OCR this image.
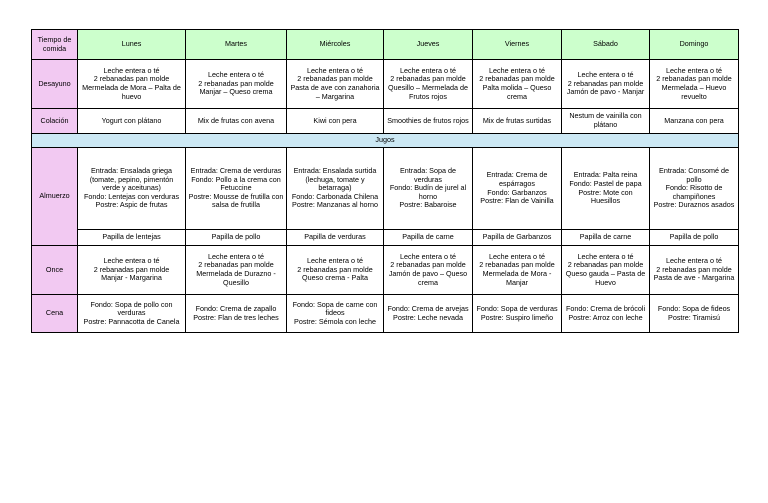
Tiempo de comida	Lunes	Martes	Miércoles	Jueves	Viernes	Sábado	Domingo
Desayuno	Leche entera o té
2 rebanadas pan molde
Mermelada de Mora – Palta de huevo	Leche entera o té
2 rebanadas pan molde
Manjar – Queso crema	Leche entera o té
2 rebanadas pan molde
Pasta de ave con zanahoria – Margarina	Leche entera o té
2 rebanadas pan molde
Quesillo – Mermelada de Frutos rojos	Leche entera o té
2 rebanadas pan molde
Palta molida – Queso crema	Leche entera o té
2 rebanadas pan molde
Jamón de pavo - Manjar	Leche entera o té
2 rebanadas pan molde
Mermelada – Huevo revuelto

Colación	Yogurt con plátano	Mix de frutas con avena	Kiwi con pera	Smoothies de frutos rojos	Mix de frutas surtidas	Nestum de vainilla con plátano	Manzana con pera

Jugos							
Almuerzo	Entrada: Ensalada griega (tomate, pepino, pimentón verde y aceitunas)
Fondo: Lentejas con verduras
Postre: Aspic de frutas	Entrada: Crema de verduras
Fondo: Pollo a la crema con Fetuccine
Postre: Mousse de frutilla con salsa de frutilla	Entrada: Ensalada surtida (lechuga, tomate y betarraga)
Fondo: Carbonada Chilena
Postre: Manzanas al horno	Entrada: Sopa de verduras
Fondo: Budín de jurel al horno
Postre: Babaroise	Entrada: Crema de espárragos
Fondo: Garbanzos
Postre: Flan de Vainilla	Entrada: Palta reina
Fondo: Pastel de papa
Postre: Mote con Huesillos	Entrada: Consomé de pollo
Fondo: Risotto de champiñones
Postre: Duraznos asados

	Papilla de lentejas	Papilla de pollo	Papilla de verduras	Papilla de carne	Papilla de Garbanzos	Papilla de carne	Papilla de pollo

Once	Leche entera o té
2 rebanadas pan molde
Manjar - Margarina	Leche entera o té
2 rebanadas pan molde
Mermelada de Durazno - Quesillo	Leche entera o té
2 rebanadas pan molde
Queso crema - Palta	Leche entera o té
2 rebanadas pan molde
Jamón de pavo – Queso crema	Leche entera o té
2 rebanadas pan molde
Mermelada de Mora - Manjar	Leche entera o té
2 rebanadas pan molde
Queso gauda – Pasta de Huevo	Leche entera o té
2 rebanadas pan molde
Pasta de ave - Margarina

Cena	Fondo: Sopa de pollo con verduras
Postre: Pannacotta de Canela	Fondo: Crema de zapallo
Postre: Flan de tres leches	Fondo: Sopa de carne con fideos
Postre: Sémola con leche	Fondo: Crema de arvejas
Postre: Leche nevada	Fondo: Sopa de verduras
Postre: Suspiro limeño	Fondo: Crema de brócoli
Postre: Arroz con leche	Fondo: Sopa de fideos
Postre: Tiramisú
